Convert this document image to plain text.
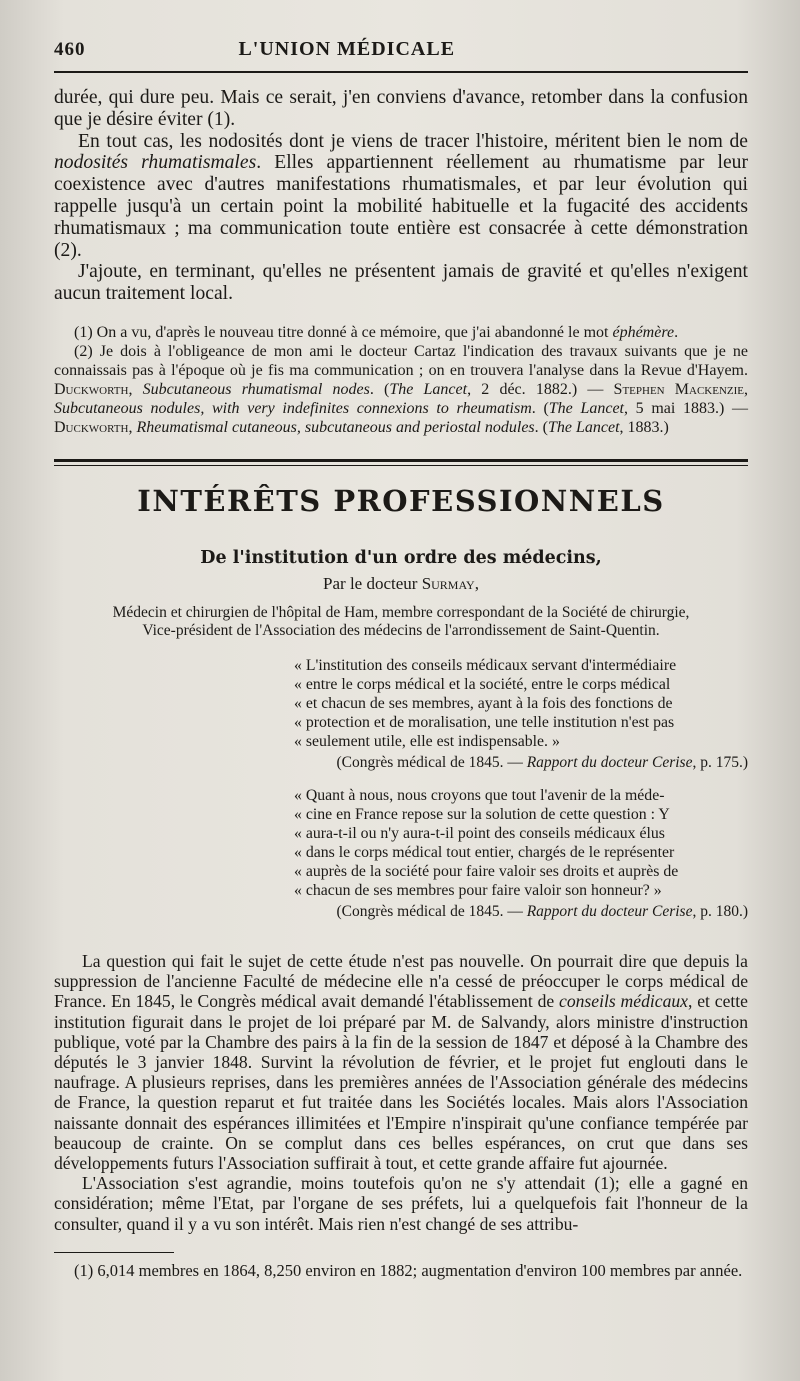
460	L'UNION MÉDICALE

durée, qui dure peu. Mais ce serait, j'en conviens d'avance, retomber dans la confusion que je désire éviter (1).

En tout cas, les nodosités dont je viens de tracer l'histoire, méritent bien le nom de nodosités rhumatismales. Elles appartiennent réellement au rhumatisme par leur coexistence avec d'autres manifestations rhumatismales, et par leur évolution qui rappelle jusqu'à un certain point la mobilité habituelle et la fugacité des accidents rhumatismaux ; ma communication toute entière est consacrée à cette démonstration (2).

J'ajoute, en terminant, qu'elles ne présentent jamais de gravité et qu'elles n'exigent aucun traitement local.

(1) On a vu, d'après le nouveau titre donné à ce mémoire, que j'ai abandonné le mot éphémère.

(2) Je dois à l'obligeance de mon ami le docteur Cartaz l'indication des travaux suivants que je ne connaissais pas à l'époque où je fis ma communication ; on en trouvera l'analyse dans la Revue d'Hayem. Duckworth, Subcutaneous rhumatismal nodes. (The Lancet, 2 déc. 1882.) — Stephen Mackenzie, Subcutaneous nodules, with very indefinites connexions to rheumatism. (The Lancet, 5 mai 1883.) — Duckworth, Rheumatismal cutaneous, subcutaneous and periostal nodules. (The Lancet, 1883.)

INTÉRÊTS PROFESSIONNELS
De l'institution d'un ordre des médecins,
Par le docteur Surmay,
Médecin et chirurgien de l'hôpital de Ham, membre correspondant de la Société de chirurgie,
Vice-président de l'Association des médecins de l'arrondissement de Saint-Quentin.
« L'institution des conseils médicaux servant d'intermédiaire
« entre le corps médical et la société, entre le corps médical
« et chacun de ses membres, ayant à la fois des fonctions de
« protection et de moralisation, une telle institution n'est pas
« seulement utile, elle est indispensable. »
(Congrès médical de 1845. — Rapport du docteur Cerise, p. 175.)
« Quant à nous, nous croyons que tout l'avenir de la méde-
« cine en France repose sur la solution de cette question : Y
« aura-t-il ou n'y aura-t-il point des conseils médicaux élus
« dans le corps médical tout entier, chargés de le représenter
« auprès de la société pour faire valoir ses droits et auprès de
« chacun de ses membres pour faire valoir son honneur? »
(Congrès médical de 1845. — Rapport du docteur Cerise, p. 180.)

La question qui fait le sujet de cette étude n'est pas nouvelle. On pourrait dire que depuis la suppression de l'ancienne Faculté de médecine elle n'a cessé de préoccuper le corps médical de France. En 1845, le Congrès médical avait demandé l'établissement de conseils médicaux, et cette institution figurait dans le projet de loi préparé par M. de Salvandy, alors ministre d'instruction publique, voté par la Chambre des pairs à la fin de la session de 1847 et déposé à la Chambre des députés le 3 janvier 1848. Survint la révolution de février, et le projet fut englouti dans le naufrage. A plusieurs reprises, dans les premières années de l'Association générale des médecins de France, la question reparut et fut traitée dans les Sociétés locales. Mais alors l'Association naissante donnait des espérances illimitées et l'Empire n'inspirait qu'une confiance tempérée par beaucoup de crainte. On se complut dans ces belles espérances, on crut que dans ses développements futurs l'Association suffirait à tout, et cette grande affaire fut ajournée.

L'Association s'est agrandie, moins toutefois qu'on ne s'y attendait (1); elle a gagné en considération; même l'Etat, par l'organe de ses préfets, lui a quelquefois fait l'honneur de la consulter, quand il y a vu son intérêt. Mais rien n'est changé de ses attribu-

(1) 6,014 membres en 1864, 8,250 environ en 1882; augmentation d'environ 100 membres par année.
